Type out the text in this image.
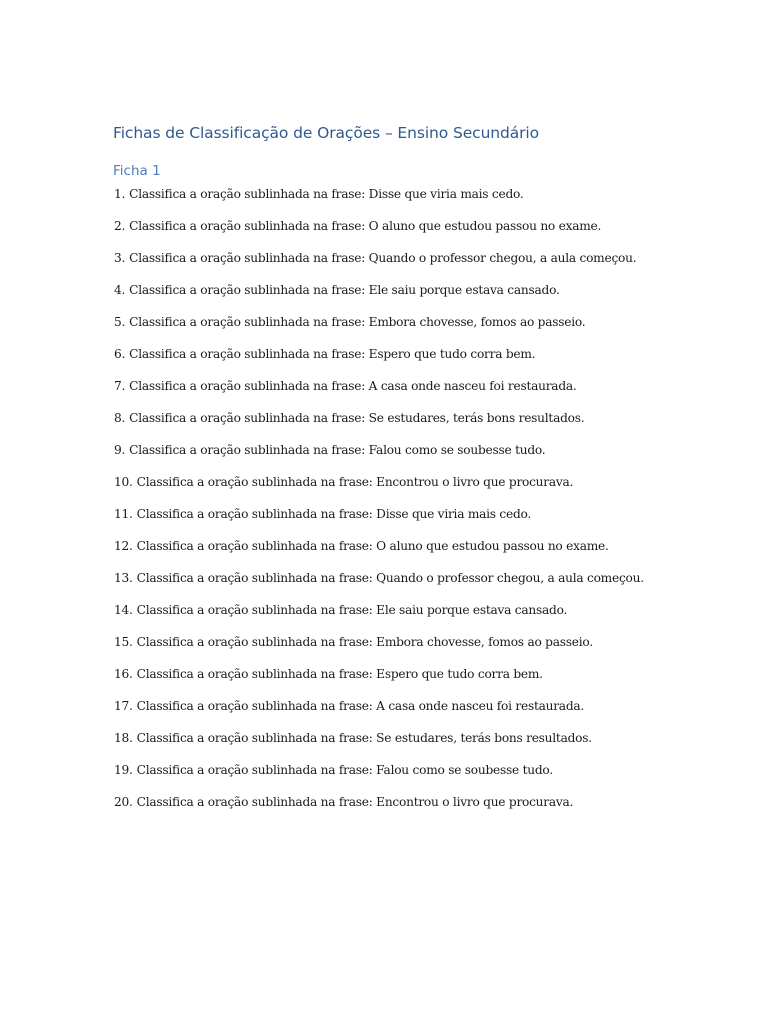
Fichas de Classificação de Orações – Ensino Secundário
Ficha 1
1. Classifica a oração sublinhada na frase: Disse que viria mais cedo.
2. Classifica a oração sublinhada na frase: O aluno que estudou passou no exame.
3. Classifica a oração sublinhada na frase: Quando o professor chegou, a aula começou.
4. Classifica a oração sublinhada na frase: Ele saiu porque estava cansado.
5. Classifica a oração sublinhada na frase: Embora chovesse, fomos ao passeio.
6. Classifica a oração sublinhada na frase: Espero que tudo corra bem.
7. Classifica a oração sublinhada na frase: A casa onde nasceu foi restaurada.
8. Classifica a oração sublinhada na frase: Se estudares, terás bons resultados.
9. Classifica a oração sublinhada na frase: Falou como se soubesse tudo.
10. Classifica a oração sublinhada na frase: Encontrou o livro que procurava.
11. Classifica a oração sublinhada na frase: Disse que viria mais cedo.
12. Classifica a oração sublinhada na frase: O aluno que estudou passou no exame.
13. Classifica a oração sublinhada na frase: Quando o professor chegou, a aula começou.
14. Classifica a oração sublinhada na frase: Ele saiu porque estava cansado.
15. Classifica a oração sublinhada na frase: Embora chovesse, fomos ao passeio.
16. Classifica a oração sublinhada na frase: Espero que tudo corra bem.
17. Classifica a oração sublinhada na frase: A casa onde nasceu foi restaurada.
18. Classifica a oração sublinhada na frase: Se estudares, terás bons resultados.
19. Classifica a oração sublinhada na frase: Falou como se soubesse tudo.
20. Classifica a oração sublinhada na frase: Encontrou o livro que procurava.
